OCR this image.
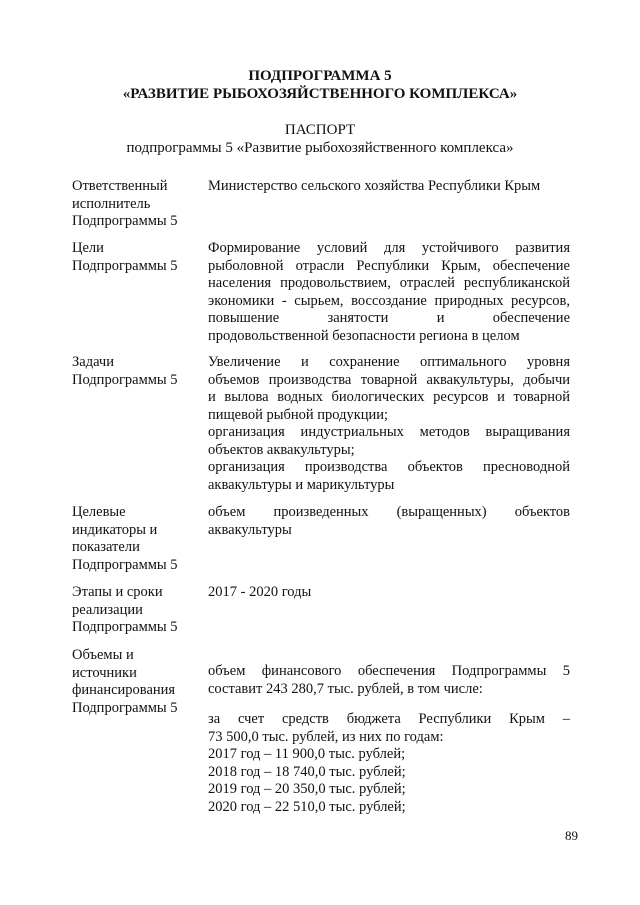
ПОДПРОГРАММА 5
«РАЗВИТИЕ РЫБОХОЗЯЙСТВЕННОГО КОМПЛЕКСА»
ПАСПОРТ
подпрограммы 5 «Развитие рыбохозяйственного комплекса»
Ответственный
исполнитель
Подпрограммы 5
Министерство сельского хозяйства Республики Крым
Цели
Подпрограммы 5
Формирование условий для устойчивого развития
рыболовной отрасли Республики Крым, обеспечение
населения продовольствием, отраслей республиканской
экономики - сырьем, воссоздание природных ресурсов,
повышение занятости и обеспечение
продовольственной безопасности региона в целом
Задачи
Подпрограммы 5
Увеличение и сохранение оптимального уровня
объемов производства товарной аквакультуры, добычи
и вылова водных биологических ресурсов и товарной
пищевой рыбной продукции;
организация индустриальных методов выращивания
объектов аквакультуры;
организация производства объектов пресноводной
аквакультуры и марикультуры
Целевые
индикаторы и
показатели
Подпрограммы 5
объем произведенных (выращенных) объектов
аквакультуры
Этапы и сроки
реализации
Подпрограммы 5
2017 - 2020 годы
Объемы и
источники
финансирования
Подпрограммы 5
объем финансового обеспечения Подпрограммы 5
составит 243 280,7 тыс. рублей, в том числе:
за счет средств бюджета Республики Крым –
73 500,0 тыс. рублей, из них по годам:
2017 год – 11 900,0 тыс. рублей;
2018 год – 18 740,0 тыс. рублей;
2019 год – 20 350,0 тыс. рублей;
2020 год – 22 510,0 тыс. рублей;
89
